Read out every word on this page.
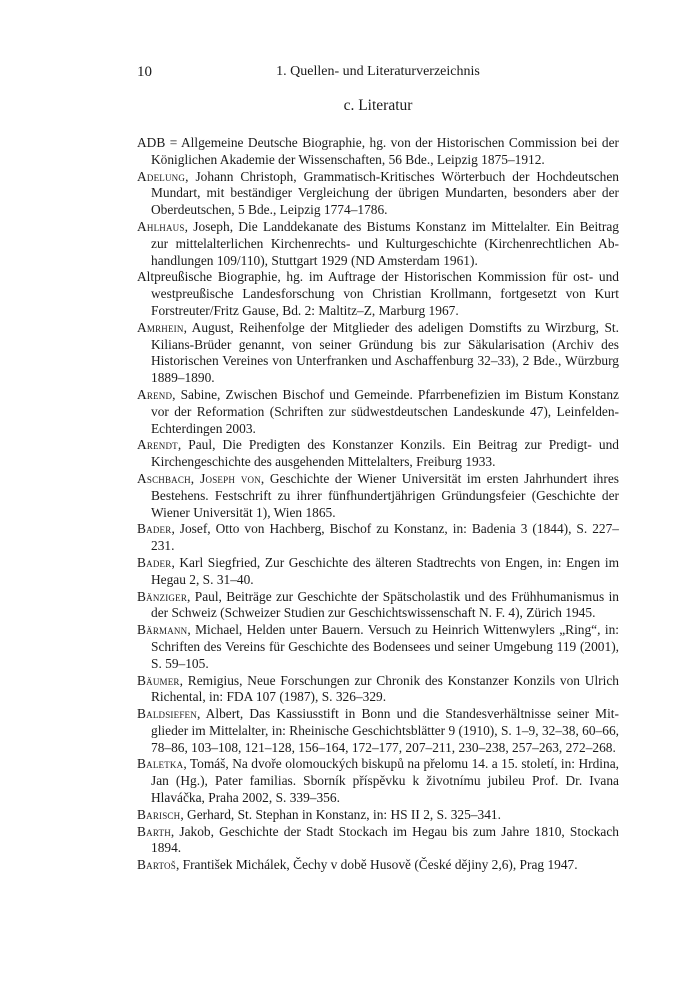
10	1. Quellen- und Literaturverzeichnis
c. Literatur

ADB = Allgemeine Deutsche Biographie, hg. von der Historischen Commission bei der Königlichen Akademie der Wissenschaften, 56 Bde., Leipzig 1875–1912.

Adelung, Johann Christoph, Grammatisch-Kritisches Wörterbuch der Hochdeutschen Mundart, mit beständiger Vergleichung der übrigen Mundarten, besonders aber der Oberdeutschen, 5 Bde., Leipzig 1774–1786.

Ahlhaus, Joseph, Die Landdekanate des Bistums Konstanz im Mittelalter. Ein Beitrag zur mittelalterlichen Kirchenrechts- und Kulturgeschichte (Kirchenrechtlichen Abhandlungen 109/110), Stuttgart 1929 (ND Amsterdam 1961).

Altpreußische Biographie, hg. im Auftrage der Historischen Kommission für ost- und westpreußische Landesforschung von Christian Krollmann, fortgesetzt von Kurt Forstreuter/Fritz Gause, Bd. 2: Maltitz–Z, Marburg 1967.

Amrhein, August, Reihenfolge der Mitglieder des adeligen Domstifts zu Wirzburg, St. Kilians-Brüder genannt, von seiner Gründung bis zur Säkularisation (Archiv des Historischen Vereines von Unterfranken und Aschaffenburg 32–33), 2 Bde., Würzburg 1889–1890.

Arend, Sabine, Zwischen Bischof und Gemeinde. Pfarrbenefizien im Bistum Konstanz vor der Reformation (Schriften zur südwestdeutschen Landeskunde 47), Leinfelden-Echterdingen 2003.

Arendt, Paul, Die Predigten des Konstanzer Konzils. Ein Beitrag zur Predigt- und Kirchengeschichte des ausgehenden Mittelalters, Freiburg 1933.

Aschbach, Joseph von, Geschichte der Wiener Universität im ersten Jahrhundert ihres Bestehens. Festschrift zu ihrer fünfhundertjährigen Gründungsfeier (Geschichte der Wiener Universität 1), Wien 1865.

Bader, Josef, Otto von Hachberg, Bischof zu Konstanz, in: Badenia 3 (1844), S. 227–231.

Bader, Karl Siegfried, Zur Geschichte des älteren Stadtrechts von Engen, in: Engen im Hegau 2, S. 31–40.

Bänziger, Paul, Beiträge zur Geschichte der Spätscholastik und des Frühhumanismus in der Schweiz (Schweizer Studien zur Geschichtswissenschaft N. F. 4), Zürich 1945.

Bärmann, Michael, Helden unter Bauern. Versuch zu Heinrich Wittenwylers „Ring“, in: Schriften des Vereins für Geschichte des Bodensees und seiner Umgebung 119 (2001), S. 59–105.

Bäumer, Remigius, Neue Forschungen zur Chronik des Konstanzer Konzils von Ulrich Richental, in: FDA 107 (1987), S. 326–329.

Baldsiefen, Albert, Das Kassiusstift in Bonn und die Standesverhältnisse seiner Mitglieder im Mittelalter, in: Rheinische Geschichtsblätter 9 (1910), S. 1–9, 32–38, 60–66, 78–86, 103–108, 121–128, 156–164, 172–177, 207–211, 230–238, 257–263, 272–268.

Baletka, Tomáš, Na dvoře olomouckých biskupů na přelomu 14. a 15. století, in: Hrdina, Jan (Hg.), Pater familias. Sborník příspěvku k životnímu jubileu Prof. Dr. Ivana Hlaváčka, Praha 2002, S. 339–356.

Barisch, Gerhard, St. Stephan in Konstanz, in: HS II 2, S. 325–341.

Barth, Jakob, Geschichte der Stadt Stockach im Hegau bis zum Jahre 1810, Stockach 1894.

Bartoš, František Michálek, Čechy v době Husově (České dějiny 2,6), Prag 1947.
